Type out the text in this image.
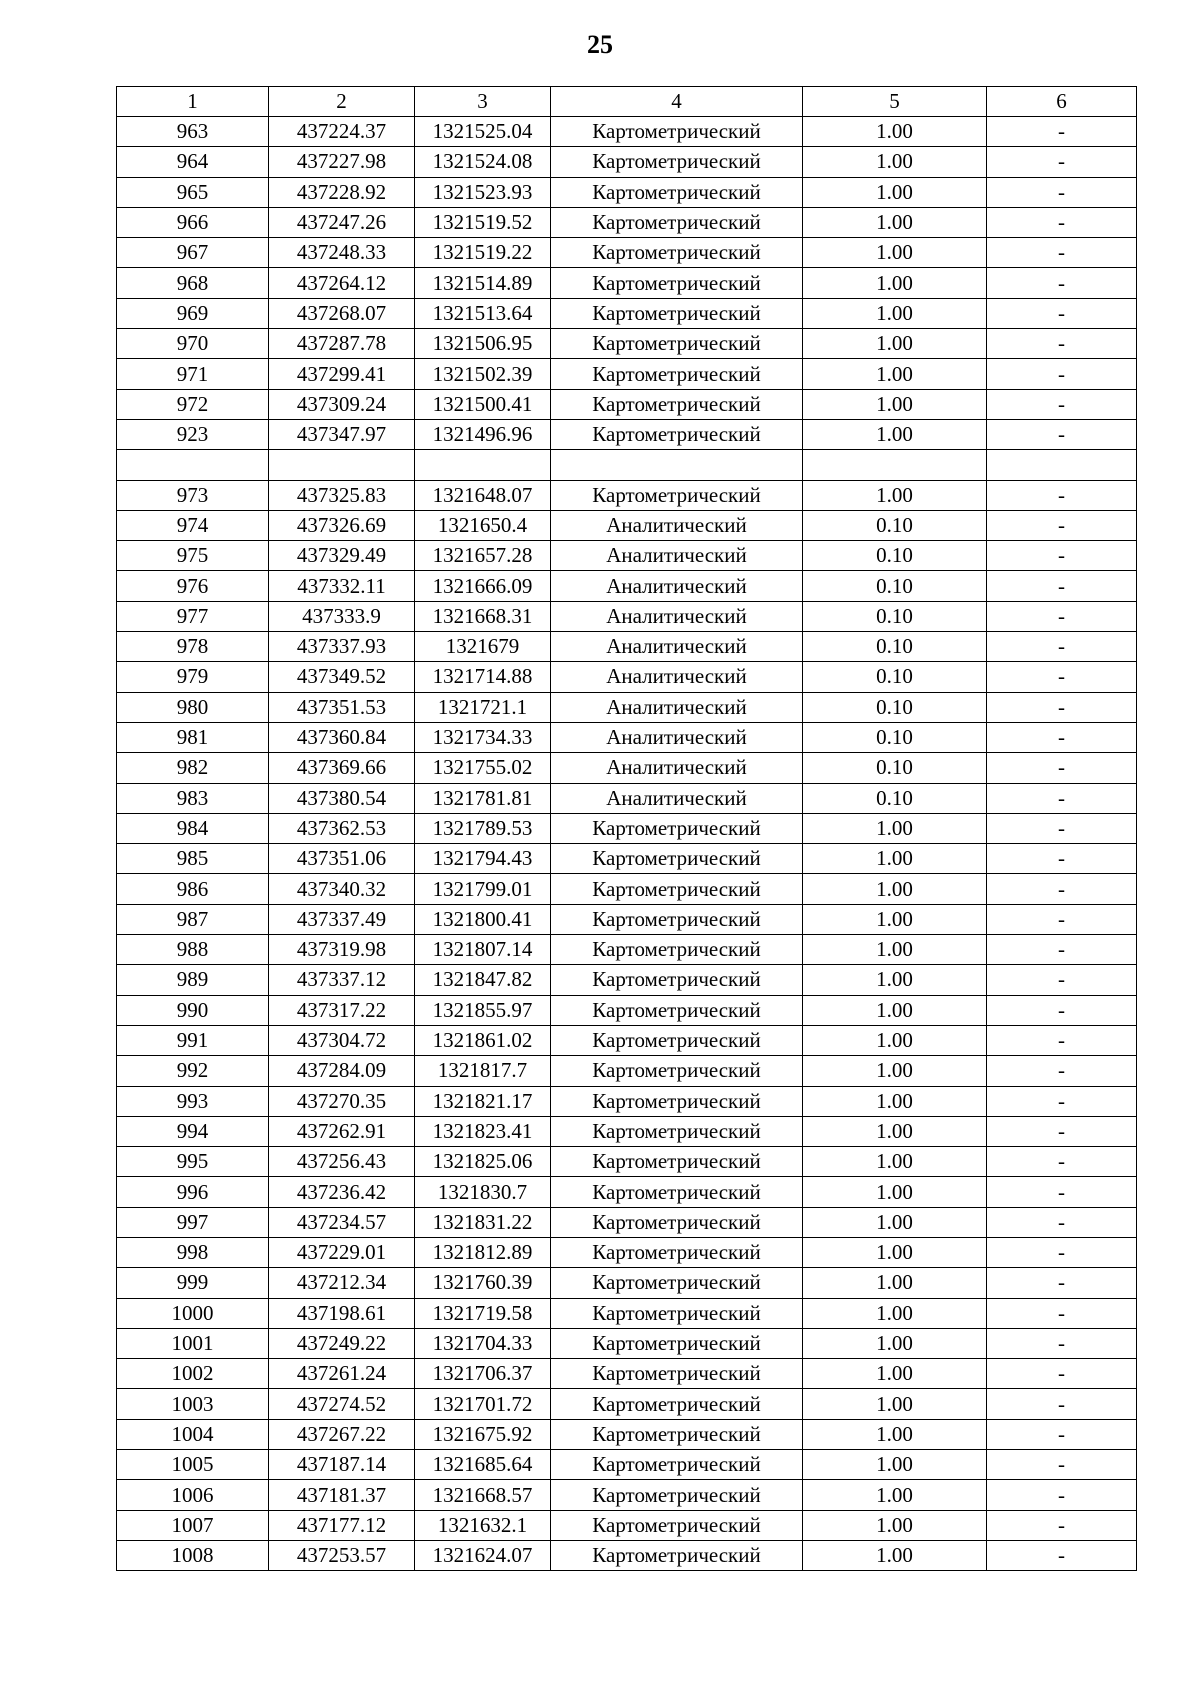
25
1	2	3	4	5	6
963	437224.37	1321525.04	Картометрический	1.00	-
964	437227.98	1321524.08	Картометрический	1.00	-
965	437228.92	1321523.93	Картометрический	1.00	-
966	437247.26	1321519.52	Картометрический	1.00	-
967	437248.33	1321519.22	Картометрический	1.00	-
968	437264.12	1321514.89	Картометрический	1.00	-
969	437268.07	1321513.64	Картометрический	1.00	-
970	437287.78	1321506.95	Картометрический	1.00	-
971	437299.41	1321502.39	Картометрический	1.00	-
972	437309.24	1321500.41	Картометрический	1.00	-
923	437347.97	1321496.96	Картометрический	1.00	-

973	437325.83	1321648.07	Картометрический	1.00	-
974	437326.69	1321650.4	Аналитический	0.10	-
975	437329.49	1321657.28	Аналитический	0.10	-
976	437332.11	1321666.09	Аналитический	0.10	-
977	437333.9	1321668.31	Аналитический	0.10	-
978	437337.93	1321679	Аналитический	0.10	-
979	437349.52	1321714.88	Аналитический	0.10	-
980	437351.53	1321721.1	Аналитический	0.10	-
981	437360.84	1321734.33	Аналитический	0.10	-
982	437369.66	1321755.02	Аналитический	0.10	-
983	437380.54	1321781.81	Аналитический	0.10	-
984	437362.53	1321789.53	Картометрический	1.00	-
985	437351.06	1321794.43	Картометрический	1.00	-
986	437340.32	1321799.01	Картометрический	1.00	-
987	437337.49	1321800.41	Картометрический	1.00	-
988	437319.98	1321807.14	Картометрический	1.00	-
989	437337.12	1321847.82	Картометрический	1.00	-
990	437317.22	1321855.97	Картометрический	1.00	-
991	437304.72	1321861.02	Картометрический	1.00	-
992	437284.09	1321817.7	Картометрический	1.00	-
993	437270.35	1321821.17	Картометрический	1.00	-
994	437262.91	1321823.41	Картометрический	1.00	-
995	437256.43	1321825.06	Картометрический	1.00	-
996	437236.42	1321830.7	Картометрический	1.00	-
997	437234.57	1321831.22	Картометрический	1.00	-
998	437229.01	1321812.89	Картометрический	1.00	-
999	437212.34	1321760.39	Картометрический	1.00	-
1000	437198.61	1321719.58	Картометрический	1.00	-
1001	437249.22	1321704.33	Картометрический	1.00	-
1002	437261.24	1321706.37	Картометрический	1.00	-
1003	437274.52	1321701.72	Картометрический	1.00	-
1004	437267.22	1321675.92	Картометрический	1.00	-
1005	437187.14	1321685.64	Картометрический	1.00	-
1006	437181.37	1321668.57	Картометрический	1.00	-
1007	437177.12	1321632.1	Картометрический	1.00	-
1008	437253.57	1321624.07	Картометрический	1.00	-
